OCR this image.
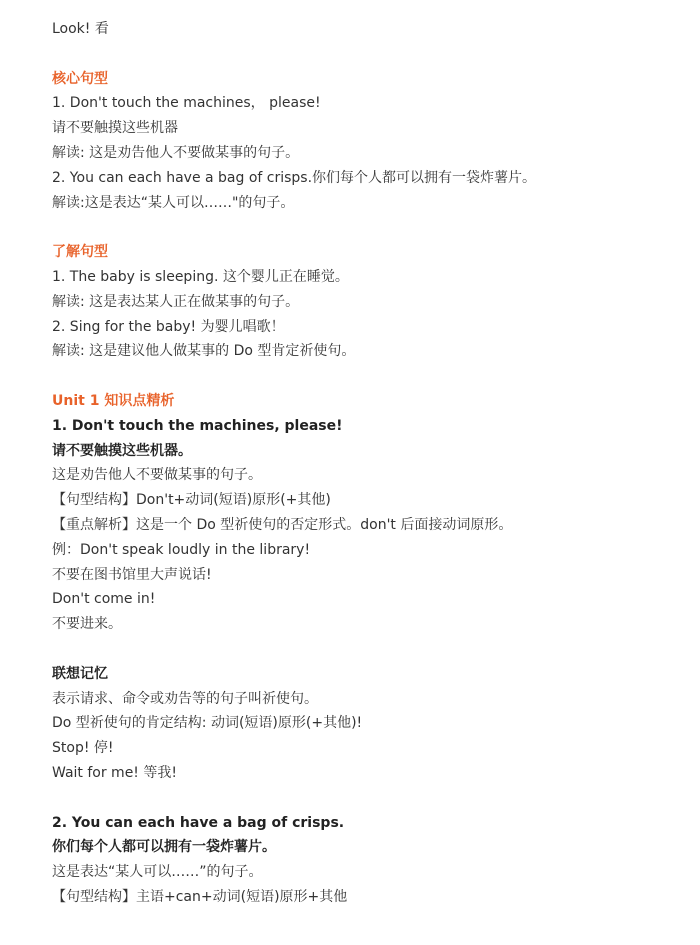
Look! 看

核心句型

1. Don't touch the machines， please!

请不要触摸这些机器

解读: 这是劝告他人不要做某事的句子。

2. You can each have a bag of crisps.你们每个人都可以拥有一袋炸薯片。

解读:这是表达“某人可以……"的句子。

了解句型

1. The baby is sleeping. 这个婴儿正在睡觉。

解读: 这是表达某人正在做某事的句子。

2. Sing for the baby! 为婴儿唱歌！

解读: 这是建议他人做某事的 Do 型肯定祈使句。

Unit 1 知识点精析

1. Don't touch the machines, please!

请不要触摸这些机器。

这是劝告他人不要做某事的句子。

【句型结构】Don't+动词(短语)原形(+其他)

【重点解析】这是一个 Do 型祈使句的否定形式。don't 后面接动词原形。

例：Don't speak loudly in the library!

不要在图书馆里大声说话!

Don't come in!

不要进来。

联想记忆

表示请求、命令或劝告等的句子叫祈使句。

Do 型祈使句的肯定结构: 动词(短语)原形(+其他)!

Stop! 停!

Wait for me! 等我!

2. You can each have a bag of crisps.

你们每个人都可以拥有一袋炸薯片。

这是表达“某人可以……”的句子。

【句型结构】主语+can+动词(短语)原形+其他
